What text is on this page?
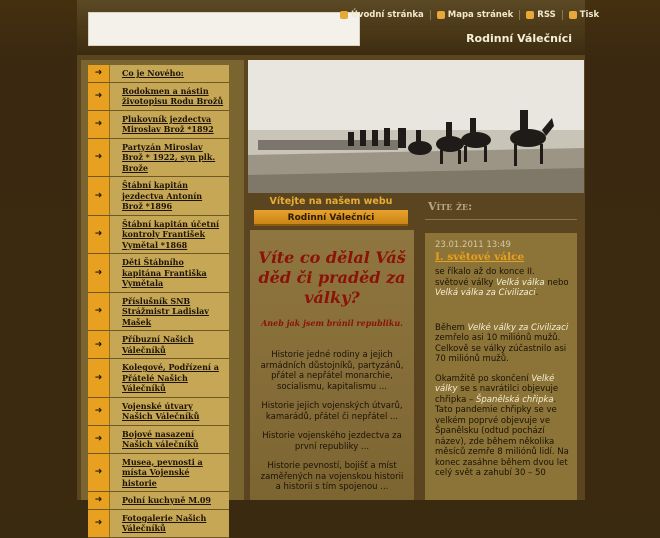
Úvodní stránka	Mapa stránek	RSS	Tisk
Rodinní Válečníci
➜	Co je Nového:
➜
Rodokmen a nástin životopisu Rodu Brožů
➜
Plukovník jezdectva Miroslav Brož *1892
➜
Partyzán Miroslav Brož * 1922, syn plk. Brože
➜
Štábní kapitán jezdectva Antonín Brož *1896
➜
Štábní kapitán účetní kontroly František Vymětal *1868
➜
Děti Štábního kapitána Františka Vymětala
➜
Příslušník SNB Strážmistr Ladislav Mašek
➜
Příbuzní Našich Válečníků
➜
Kolegové, Podřízení a Přátelé Našich Válečníků
➜
Vojenské útvary Našich Válečníků
➜
Bojové nasazení Našich válečníků
➜
Musea, pevnosti a místa Vojenské historie
➜	Polní kuchyně M.09
➜
Fotogalerie Našich Válečníků
Vítejte na našem webu
Rodinní Válečníci
Víte co dělal Váš děd či praděd za války?
Aneb jak jsem bránil republiku.
Historie jedné rodiny a jejich armádních důstojníků, partyzánů, přátel a nepřátel monarchie, socialismu, kapitalismu ...
Historie jejich vojenských útvarů, kamarádů, přátel či nepřátel ...
Historie vojenského jezdectva za první republiky ...
Historie pevností, bojišť a míst zaměřených na vojenskou historii a historii s tím spojenou ...
Víte že:
23.01.2011 13:49
I. světové válce
se říkalo až do konce II. světové války Velká válka nebo Velká válka za Civilizaci.
Během Velké války za Civilizaci zemřelo asi 10 miliónů mužů. Celkově se války zúčastnilo asi 70 miliónů mužů.
Okamžitě po skončení Velké války se s navrátilci objevuje chřipka – Španělská chřipka. Tato pandemie chřipky se ve velkém poprvé objevuje ve Španělsku (odtud pochází název), zde během několika měsíců zemře 8 miliónů lidí. Na konec zasáhne během dvou let celý svět a zahubí 30 – 50
